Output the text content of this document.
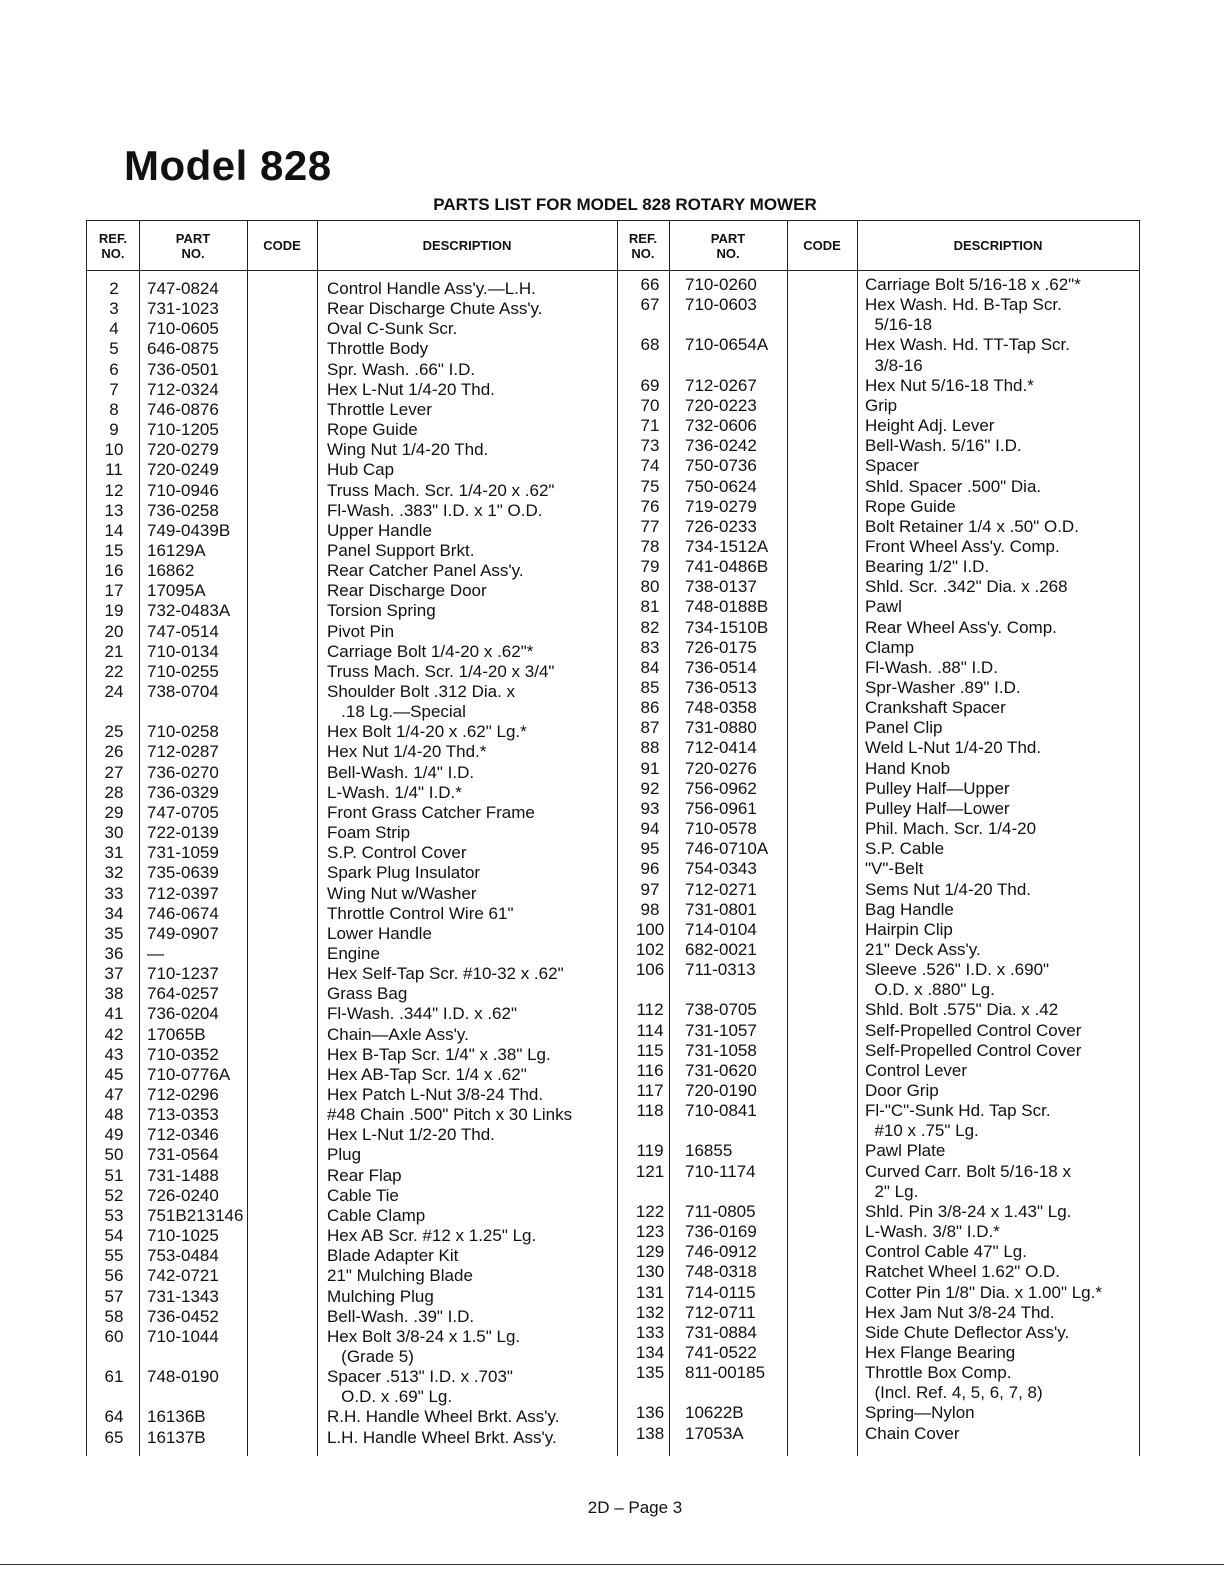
Model 828
PARTS LIST FOR MODEL 828 ROTARY MOWER
REF.
NO.
PART
NO.	CODE	DESCRIPTION	REF.
NO.
PART
NO.	CODE	DESCRIPTION
2	747-0824	Control Handle Ass'y.—L.H.
3	731-1023	Rear Discharge Chute Ass'y.
4	710-0605	Oval C-Sunk Scr.
5	646-0875	Throttle Body
6	736-0501	Spr. Wash. .66" I.D.
7	712-0324	Hex L-Nut 1/4-20 Thd.
8	746-0876	Throttle Lever
9	710-1205	Rope Guide
10	720-0279	Wing Nut 1/4-20 Thd.
11	720-0249	Hub Cap
12	710-0946	Truss Mach. Scr. 1/4-20 x .62"
13	736-0258	Fl-Wash. .383" I.D. x 1" O.D.
14	749-0439B	Upper Handle
15	16129A	Panel Support Brkt.
16	16862	Rear Catcher Panel Ass'y.
17	17095A	Rear Discharge Door
19	732-0483A	Torsion Spring
20	747-0514	Pivot Pin
21	710-0134	Carriage Bolt 1/4-20 x .62"*
22	710-0255	Truss Mach. Scr. 1/4-20 x 3/4"
24	738-0704	Shoulder Bolt .312 Dia. x
.18 Lg.—Special
25	710-0258	Hex Bolt 1/4-20 x .62" Lg.*
26	712-0287	Hex Nut 1/4-20 Thd.*
27	736-0270	Bell-Wash. 1/4" I.D.
28	736-0329	L-Wash. 1/4" I.D.*
29	747-0705	Front Grass Catcher Frame
30	722-0139	Foam Strip
31	731-1059	S.P. Control Cover
32	735-0639	Spark Plug Insulator
33	712-0397	Wing Nut w/Washer
34	746-0674	Throttle Control Wire 61"
35	749-0907	Lower Handle
36	—	Engine
37	710-1237	Hex Self-Tap Scr. #10-32 x .62"
38	764-0257	Grass Bag
41	736-0204	Fl-Wash. .344" I.D. x .62"
42	17065B	Chain—Axle Ass'y.
43	710-0352	Hex B-Tap Scr. 1/4" x .38" Lg.
45	710-0776A	Hex AB-Tap Scr. 1/4 x .62"
47	712-0296	Hex Patch L-Nut 3/8-24 Thd.
48	713-0353	#48 Chain .500" Pitch x 30 Links
49	712-0346	Hex L-Nut 1/2-20 Thd.
50	731-0564	Plug
51	731-1488	Rear Flap
52	726-0240	Cable Tie
53	751B213146	Cable Clamp
54	710-1025	Hex AB Scr. #12 x 1.25" Lg.
55	753-0484	Blade Adapter Kit
56	742-0721	21" Mulching Blade
57	731-1343	Mulching Plug
58	736-0452	Bell-Wash. .39" I.D.
60	710-1044	Hex Bolt 3/8-24 x 1.5" Lg.
(Grade 5)
61	748-0190	Spacer .513" I.D. x .703"
O.D. x .69" Lg.
64	16136B	R.H. Handle Wheel Brkt. Ass'y.
65	16137B	L.H. Handle Wheel Brkt. Ass'y.
66	710-0260	Carriage Bolt 5/16-18 x .62"*
67	710-0603	Hex Wash. Hd. B-Tap Scr.
5/16-18
68	710-0654A	Hex Wash. Hd. TT-Tap Scr.
3/8-16
69	712-0267	Hex Nut 5/16-18 Thd.*
70	720-0223	Grip
71	732-0606	Height Adj. Lever
73	736-0242	Bell-Wash. 5/16" I.D.
74	750-0736	Spacer
75	750-0624	Shld. Spacer .500" Dia.
76	719-0279	Rope Guide
77	726-0233	Bolt Retainer 1/4 x .50" O.D.
78	734-1512A	Front Wheel Ass'y. Comp.
79	741-0486B	Bearing 1/2" I.D.
80	738-0137	Shld. Scr. .342" Dia. x .268
81	748-0188B	Pawl
82	734-1510B	Rear Wheel Ass'y. Comp.
83	726-0175	Clamp
84	736-0514	Fl-Wash. .88" I.D.
85	736-0513	Spr-Washer .89" I.D.
86	748-0358	Crankshaft Spacer
87	731-0880	Panel Clip
88	712-0414	Weld L-Nut 1/4-20 Thd.
91	720-0276	Hand Knob
92	756-0962	Pulley Half—Upper
93	756-0961	Pulley Half—Lower
94	710-0578	Phil. Mach. Scr. 1/4-20
95	746-0710A	S.P. Cable
96	754-0343	"V"-Belt
97	712-0271	Sems Nut 1/4-20 Thd.
98	731-0801	Bag Handle
100	714-0104	Hairpin Clip
102	682-0021	21" Deck Ass'y.
106	711-0313	Sleeve .526" I.D. x .690"
O.D. x .880" Lg.
112	738-0705	Shld. Bolt .575" Dia. x .42
114	731-1057	Self-Propelled Control Cover
115	731-1058	Self-Propelled Control Cover
116	731-0620	Control Lever
117	720-0190	Door Grip
118	710-0841	Fl-"C"-Sunk Hd. Tap Scr.
#10 x .75" Lg.
119	16855	Pawl Plate
121	710-1174	Curved Carr. Bolt 5/16-18 x
2" Lg.
122	711-0805	Shld. Pin 3/8-24 x 1.43" Lg.
123	736-0169	L-Wash. 3/8" I.D.*
129	746-0912	Control Cable 47" Lg.
130	748-0318	Ratchet Wheel 1.62" O.D.
131	714-0115	Cotter Pin 1/8" Dia. x 1.00" Lg.*
132	712-0711	Hex Jam Nut 3/8-24 Thd.
133	731-0884	Side Chute Deflector Ass'y.
134	741-0522	Hex Flange Bearing
135	811-00185	Throttle Box Comp.
(Incl. Ref. 4, 5, 6, 7, 8)
136	10622B	Spring—Nylon
138	17053A	Chain Cover
2D – Page 3
